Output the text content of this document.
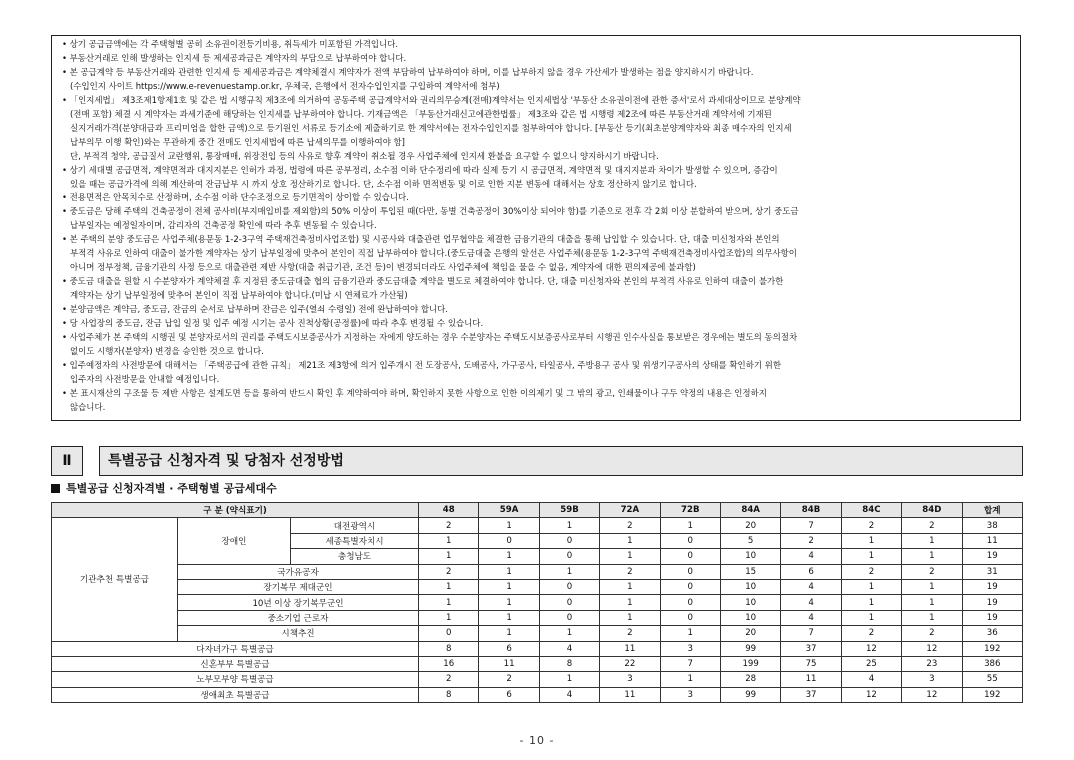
• 상기 공급금액에는 각 주택형별 공히 소유권이전등기비용, 취득세가 미포함된 가격입니다.

• 부동산거래로 인해 발생하는 인지세 등 제세공과금은 계약자의 부담으로 납부하여야 합니다.

• 본 공급계약 등 부동산거래와 관련한 인지세 등 제세공과금은 계약체결시 계약자가 전액 부담하여 납부하여야 하며, 이를 납부하지 않을 경우 가산세가 발생하는 점을 양지하시기 바랍니다.

(수입인지 사이트 https://www.e-revenuestamp.or.kr, 우체국, 은행에서 전자수입인지를 구입하여 계약서에 첨부)

• 「인지세법」 제3조제1항제1호 및 같은 법 시행규칙 제3조에 의거하여 공동주택 공급계약서와 권리의무승계(전매)계약서는 인지세법상 '부동산 소유권이전에 관한 증서'로서 과세대상이므로 분양계약

(전매 포함) 체결 시 계약자는 과세기준에 해당하는 인지세를 납부하여야 합니다. 기재금액은 「부동산거래신고에관한법률」 제3조와 같은 법 시행령 제2조에 따른 부동산거래 계약서에 기재된

실지거래가격(분양대금과 프리미엄을 합한 금액)으로 등기원인 서류로 등기소에 제출하기로 한 계약서에는 전자수입인지를 첨부하여야 합니다. [부동산 등기(최초분양계약자와 최종 매수자의 인지세

납부의무 이행 확인)와는 무관하게 중간 전매도 인지세법에 따른 납세의무를 이행하여야 함]

단, 부적격 청약, 공급질서 교란행위, 통장매매, 위장전입 등의 사유로 향후 계약이 취소될 경우 사업주체에 인지세 환불을 요구할 수 없으니 양지하시기 바랍니다.

• 상기 세대별 공급면적, 계약면적과 대지지분은 인허가 과정, 법령에 따른 공부정리, 소수점 이하 단수정리에 따라 실제 등기 시 공급면적, 계약면적 및 대지지분과 차이가 발생할 수 있으며, 증감이

있을 때는 공급가격에 의해 계산하여 잔금납부 시 까지 상호 정산하기로 합니다. 단, 소수점 이하 면적변동 및 이로 인한 지분 변동에 대해서는 상호 정산하지 않기로 합니다.

• 전용면적은 안목치수로 산정하며, 소수점 이하 단수조정으로 등기면적이 상이할 수 있습니다.

• 중도금은 당해 주택의 건축공정이 전체 공사비(부지매입비를 제외함)의 50% 이상이 투입된 때(다만, 동별 건축공정이 30%이상 되어야 함)를 기준으로 전후 각 2회 이상 분할하여 받으며, 상기 중도금

납부일자는 예정일자이며, 감리자의 건축공정 확인에 따라 추후 변동될 수 있습니다.

• 본 주택의 분양 중도금은 사업주체(용문동 1-2-3구역 주택재건축정비사업조합) 및 시공사와 대출관련 업무협약을 체결한 금융기관의 대출을 통해 납입할 수 있습니다. 단, 대출 미신청자와 본인의

부적격 사유로 인하여 대출이 불가한 계약자는 상기 납부일정에 맞추어 본인이 직접 납부하여야 합니다.(중도금대출 은행의 알선은 사업주체(용문동 1-2-3구역 주택재건축정비사업조합)의 의무사항이

아니며 정부정책, 금융기관의 사정 등으로 대출관련 제반 사항(대출 취급기관, 조건 등)이 변경되더라도 사업주체에 책임을 물을 수 없음, 계약자에 대한 편의제공에 불과함)

• 중도금 대출을 원할 시 수분양자가 계약체결 후 지정된 중도금대출 협의 금융기관과 중도금대출 계약을 별도로 체결하여야 합니다. 단, 대출 미신청자와 본인의 부적격 사유로 인하여 대출이 불가한

계약자는 상기 납부일정에 맞추어 본인이 직접 납부하여야 합니다.(미납 시 연체료가 가산됨)

• 분양금액은 계약금, 중도금, 잔금의 순서로 납부하며 잔금은 입주(열쇠 수령일) 전에 완납하여야 합니다.

• 당 사업장의 중도금, 잔금 납입 일정 및 입주 예정 시기는 공사 진척상황(공정률)에 따라 추후 변경될 수 있습니다.

• 사업주체가 본 주택의 시행권 및 분양자로서의 권리를 주택도시보증공사가 지정하는 자에게 양도하는 경우 수분양자는 주택도시보증공사로부터 시행권 인수사실을 통보받은 경우에는 별도의 동의절차

없이도 시행자(분양자) 변경을 승인한 것으로 합니다.

• 입주예정자의 사전방문에 대해서는 「주택공급에 관한 규칙」 제21조 제3항에 의거 입주개시 전 도장공사, 도배공사, 가구공사, 타일공사, 주방용구 공사 및 위생기구공사의 상태를 확인하기 위한

입주자의 사전방문을 안내할 예정입니다.

• 본 표시재산의 구조물 등 제반 사항은 설계도면 등을 통하여 반드시 확인 후 계약하여야 하며, 확인하지 못한 사항으로 인한 이의제기 및 그 밖의 광고, 인쇄물이나 구두 약정의 내용은 인정하지

않습니다.

Ⅱ	특별공급 신청자격 및 당첨자 선정방법
특별공급 신청자격별 · 주택형별 공급세대수
구 분 (약식표기)			48	59A	59B	72A	72B	84A	84B	84C	84D	합계
기관추천 특별공급	장애인	대전광역시	2	1	1	2	1	20	7	2	2	38
		세종특별자치시	1	0	0	1	0	5	2	1	1	11
		충청남도	1	1	0	1	0	10	4	1	1	19
	국가유공자		2	1	1	2	0	15	6	2	2	31
	장기복무 제대군인		1	1	0	1	0	10	4	1	1	19
	10년 이상 장기복무군인		1	1	0	1	0	10	4	1	1	19
	중소기업 근로자		1	1	0	1	0	10	4	1	1	19
	시책추진		0	1	1	2	1	20	7	2	2	36
다자녀가구 특별공급			8	6	4	11	3	99	37	12	12	192
신혼부부 특별공급			16	11	8	22	7	199	75	25	23	386
노부모부양 특별공급			2	2	1	3	1	28	11	4	3	55
생애최초 특별공급			8	6	4	11	3	99	37	12	12	192
- 10 -
